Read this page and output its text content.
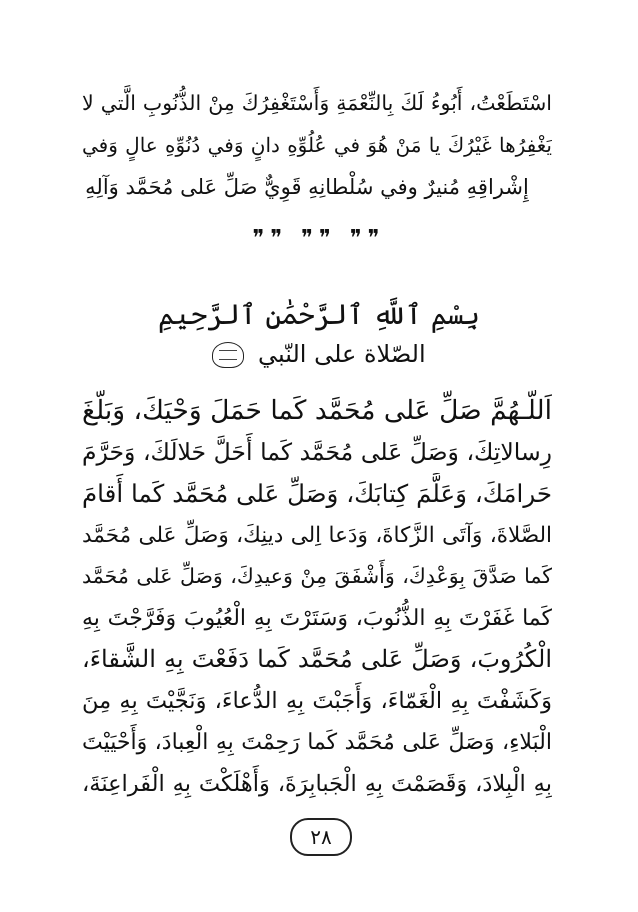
اسْتَطَعْتُ، أَبُوءُ لَكَ بِالنِّعْمَةِ وَأَسْتَغْفِرُكَ مِنْ الذُّنُوبِ الَّتي لا
يَغْفِرُها غَيْرُكَ يا مَنْ هُوَ في عُلُوِّهِ دانٍ وَفي دُنُوِّهِ عالٍ وَفي
إِشْراقِهِ مُنيرٌ وفي سُلْطانِهِ قَوِيٌّ صَلِّ عَلى مُحَمَّد وَآلِهِ
❞❞ ❞❞ ❞❞
بِسْمِ ٱللَّهِ ٱلرَّحْمَٰنِ ٱلرَّحِيمِ
الصّلاة على النّبي
اَللّـهُمَّ صَلِّ عَلى مُحَمَّد كَما حَمَلَ وَحْيَكَ، وَبَلَّغَ
رِسالاتِكَ، وَصَلِّ عَلى مُحَمَّد كَما أَحَلَّ حَلالَكَ، وَحَرَّمَ
حَرامَكَ، وَعَلَّمَ كِتابَكَ، وَصَلِّ عَلى مُحَمَّد كَما أَقامَ
الصَّلاةَ، وَآتَى الزَّكاةَ، وَدَعا اِلى دينِكَ، وَصَلِّ عَلى مُحَمَّد
كَما صَدَّقَ بِوَعْدِكَ، وَأَشْفَقَ مِنْ وَعيدِكَ، وَصَلِّ عَلى مُحَمَّد
كَما غَفَرْتَ بِهِ الذُّنُوبَ، وَسَتَرْتَ بِهِ الْعُيُوبَ وَفَرَّجْتَ بِهِ
الْكُرُوبَ، وَصَلِّ عَلى مُحَمَّد كَما دَفَعْتَ بِهِ الشَّقاءَ،
وَكَشَفْتَ بِهِ الْغَمّاءَ، وَأَجَبْتَ بِهِ الدُّعاءَ، وَنَجَّيْتَ بِهِ مِنَ
الْبَلاءِ، وَصَلِّ عَلى مُحَمَّد كَما رَحِمْتَ بِهِ الْعِبادَ، وَأَحْيَيْتَ
بِهِ الْبِلادَ، وَقَصَمْتَ بِهِ الْجَبابِرَةَ، وَأَهْلَكْتَ بِهِ الْفَراعِنَةَ،
٢٨
